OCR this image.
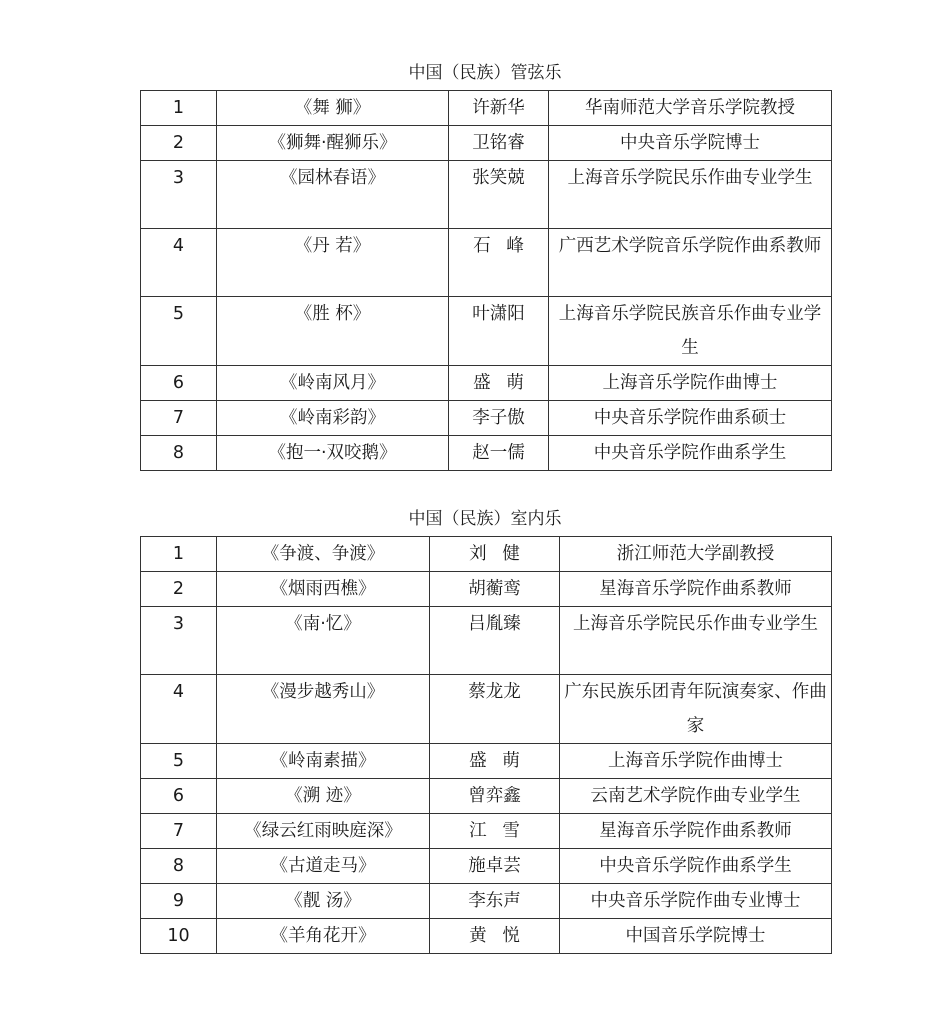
中国（民族）管弦乐
1	《舞 狮》	许新华	华南师范大学音乐学院教授
2	《狮舞·醒狮乐》	卫铭睿	中央音乐学院博士
3	《园林春语》	张笑兢	上海音乐学院民乐作曲专业学生
4	《丹 若》	石峰	广西艺术学院音乐学院作曲系教师
5	《胜 杯》	叶潇阳	上海音乐学院民族音乐作曲专业学生
6	《岭南风月》	盛萌	上海音乐学院作曲博士
7	《岭南彩韵》	李子傲	中央音乐学院作曲系硕士
8	《抱一·双咬鹅》	赵一儒	中央音乐学院作曲系学生
中国（民族）室内乐
1	《争渡、争渡》	刘健	浙江师范大学副教授
2	《烟雨西樵》	胡蘅鸾	星海音乐学院作曲系教师
3	《南·忆》	吕胤臻	上海音乐学院民乐作曲专业学生
4	《漫步越秀山》	蔡龙龙	广东民族乐团青年阮演奏家、作曲家
5	《岭南素描》	盛萌	上海音乐学院作曲博士
6	《溯 迹》	曾弈鑫	云南艺术学院作曲专业学生
7	《绿云红雨映庭深》	江雪	星海音乐学院作曲系教师
8	《古道走马》	施卓芸	中央音乐学院作曲系学生
9	《靓 汤》	李东声	中央音乐学院作曲专业博士
10	《羊角花开》	黄悦	中国音乐学院博士
